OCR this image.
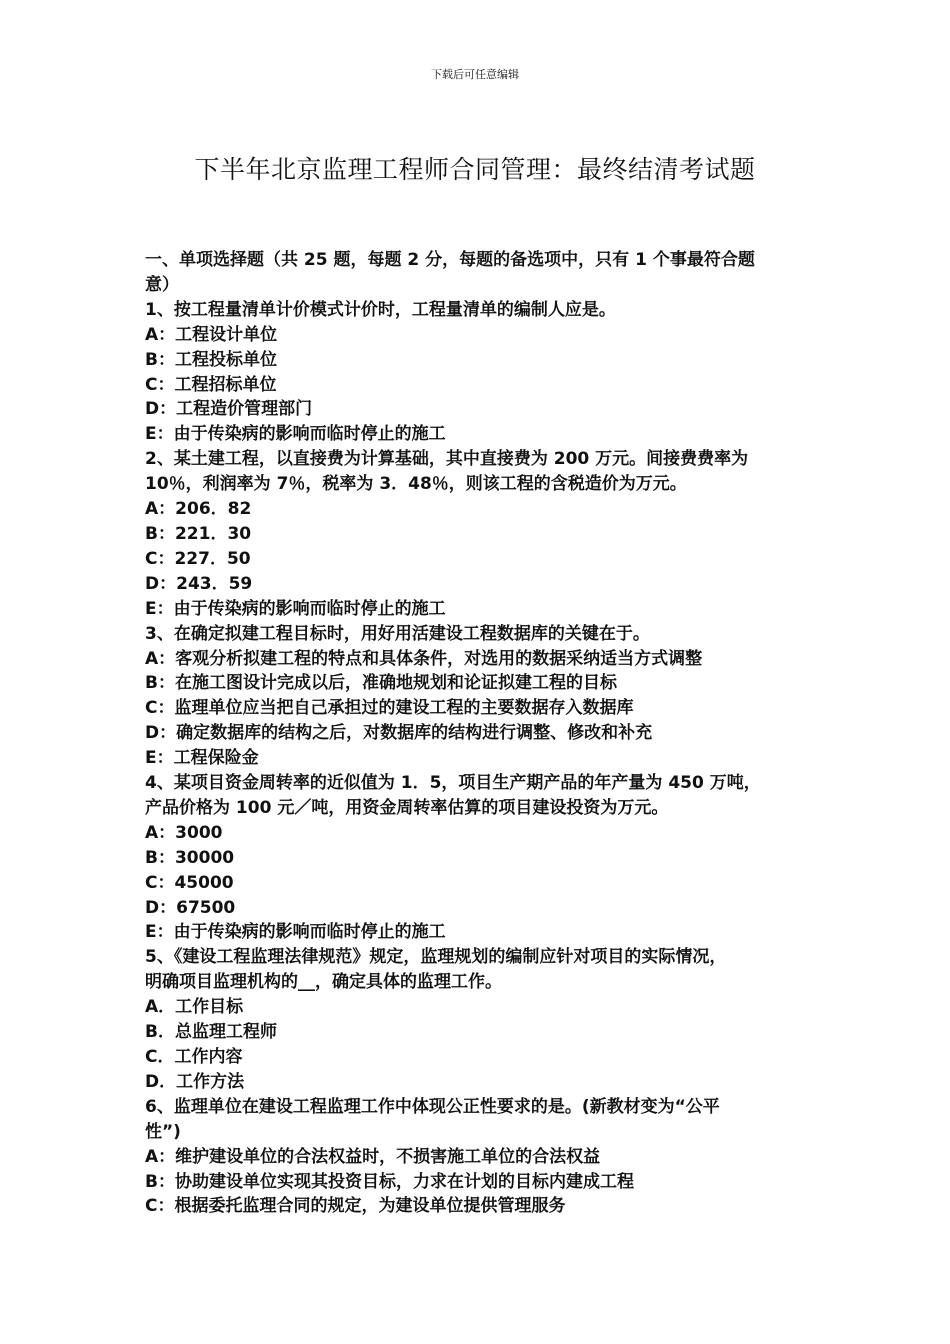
下载后可任意编辑
下半年北京监理工程师合同管理：最终结清考试题
一、单项选择题（共 25 题，每题 2 分，每题的备选项中，只有 1 个事最符合题
意）
1、按工程量清单计价模式计价时，工程量清单的编制人应是。
A：工程设计单位
B：工程投标单位
C：工程招标单位
D：工程造价管理部门
E：由于传染病的影响而临时停止的施工
2、某土建工程，以直接费为计算基础，其中直接费为 200 万元。间接费费率为
10％，利润率为 7％，税率为 3．48％，则该工程的含税造价为万元。
A：206．82
B：221．30
C：227．50
D：243．59
E：由于传染病的影响而临时停止的施工
3、在确定拟建工程目标时，用好用活建设工程数据库的关键在于。
A：客观分析拟建工程的特点和具体条件，对选用的数据采纳适当方式调整
B：在施工图设计完成以后，准确地规划和论证拟建工程的目标
C：监理单位应当把自己承担过的建设工程的主要数据存入数据库
D：确定数据库的结构之后，对数据库的结构进行调整、修改和补充
E：工程保险金
4、某项目资金周转率的近似值为 1．5，项目生产期产品的年产量为 450 万吨，
产品价格为 100 元／吨，用资金周转率估算的项目建设投资为万元。
A：3000
B：30000
C：45000
D：67500
E：由于传染病的影响而临时停止的施工
5、《建设工程监理法律规范》规定，监理规划的编制应针对项目的实际情况，
明确项目监理机构的__，确定具体的监理工作。
A．工作目标
B．总监理工程师
C．工作内容
D．工作方法
6、监理单位在建设工程监理工作中体现公正性要求的是。(新教材变为“公平
性”)
A：维护建设单位的合法权益时，不损害施工单位的合法权益
B：协助建设单位实现其投资目标，力求在计划的目标内建成工程
C：根据委托监理合同的规定，为建设单位提供管理服务
